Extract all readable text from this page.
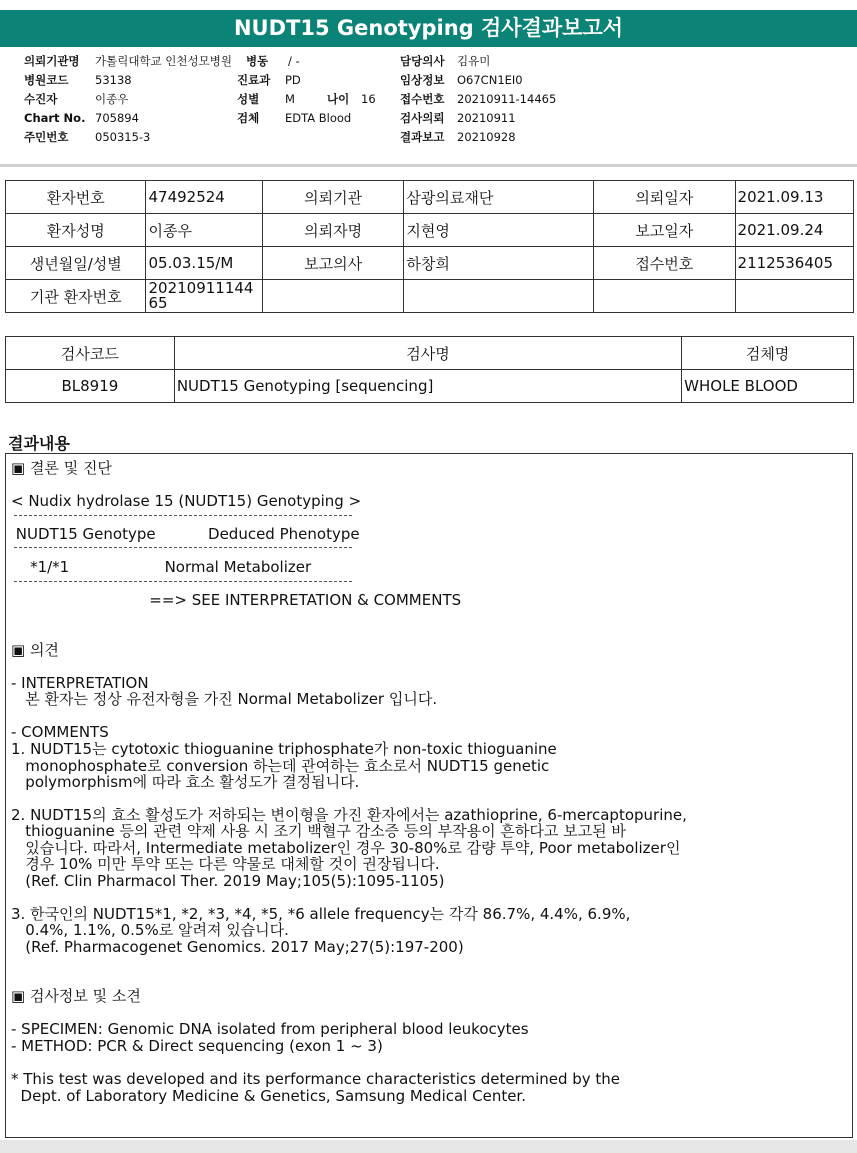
NUDT15 Genotyping 검사결과보고서
의뢰기관명 가톨릭대학교 인천성모병원
병원코드 53138
수진자	이종우
Chart No. 705894
주민번호 050315-3
병동 / -
진료과 PD
성별 M	나이 16
검체 EDTA Blood
담당의사 김유미
임상정보 O67CN1EI0
접수번호 20210911-14465
검사의뢰 20210911
결과보고 20210928
환자번호	47492524	의뢰기관	삼광의료재단	의뢰일자	2021.09.13
환자성명	이종우	의뢰자명	지현영	보고일자	2021.09.24
생년월일/성별	05.03.15/M	보고의사	하창희	접수번호	2112536405
기관 환자번호	20210911144
65				
검사코드	검사명	검체명
BL8919	NUDT15 Genotyping [sequencing]	WHOLE BLOOD
결과내용
▣ 결론 및 진단
< Nudix hydrolase 15 (NUDT15) Genotyping >
NUDT15 Genotype           Deduced Phenotype
*1/*1                    Normal Metabolizer
==> SEE INTERPRETATION & COMMENTS
▣ 의견
- INTERPRETATION
본 환자는 정상 유전자형을 가진 Normal Metabolizer 입니다.
- COMMENTS
1. NUDT15는 cytotoxic thioguanine triphosphate가 non-toxic thioguanine
monophosphate로 conversion 하는데 관여하는 효소로서 NUDT15 genetic
polymorphism에 따라 효소 활성도가 결정됩니다.
2. NUDT15의 효소 활성도가 저하되는 변이형을 가진 환자에서는 azathioprine, 6-mercaptopurine,
thioguanine 등의 관련 약제 사용 시 조기 백혈구 감소증 등의 부작용이 흔하다고 보고된 바
있습니다. 따라서, Intermediate metabolizer인 경우 30-80%로 감량 투약, Poor metabolizer인
경우 10% 미만 투약 또는 다른 약물로 대체할 것이 권장됩니다.
(Ref. Clin Pharmacol Ther. 2019 May;105(5):1095-1105)
3. 한국인의 NUDT15*1, *2, *3, *4, *5, *6 allele frequency는 각각 86.7%, 4.4%, 6.9%,
0.4%, 1.1%, 0.5%로 알려져 있습니다.
(Ref. Pharmacogenet Genomics. 2017 May;27(5):197-200)
▣ 검사정보 및 소견
- SPECIMEN: Genomic DNA isolated from peripheral blood leukocytes
- METHOD: PCR & Direct sequencing (exon 1 ~ 3)
* This test was developed and its performance characteristics determined by the
Dept. of Laboratory Medicine & Genetics, Samsung Medical Center.
